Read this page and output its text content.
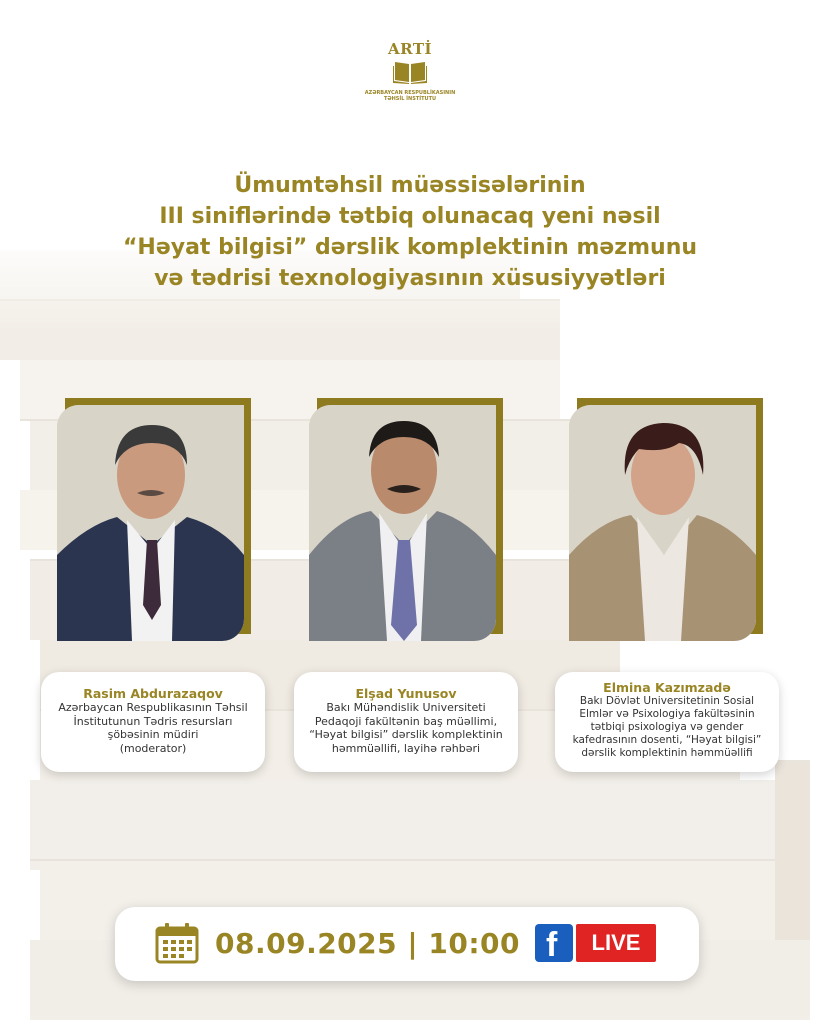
ARTİ
AZƏRBAYCAN RESPUBLİKASININ
TƏHSİL İNSTİTUTU
Ümumtəhsil müəssisələrinin
III siniflərində tətbiq olunacaq yeni nəsil
“Həyat bilgisi” dərslik komplektinin məzmunu
və tədrisi texnologiyasının xüsusiyyətləri
Rasim Abdurazaqov
Azərbaycan Respublikasının Təhsil
İnstitutunun Tədris resursları
şöbəsinin müdiri
(moderator)
Elşad Yunusov
Bakı Mühəndislik Universiteti
Pedaqoji fakültənin baş müəllimi,
“Həyat bilgisi” dərslik komplektinin
həmmüəllifi, layihə rəhbəri
Elmina Kazımzadə
Bakı Dövlət Universitetinin Sosial
Elmlər və Psixologiya fakültəsinin
tətbiqi psixologiya və gender
kafedrasının dosenti, “Həyat bilgisi”
dərslik komplektinin həmmüəllifi
08.09.2025 | 10:00 f	LIVE
